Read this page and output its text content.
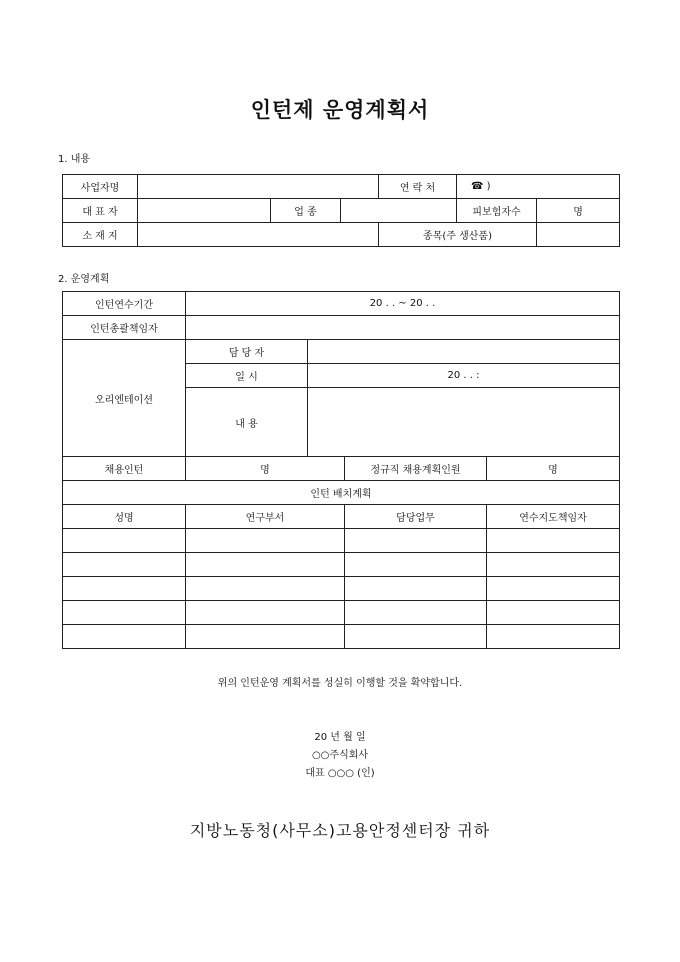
인턴제 운영계획서
1. 내용
사업자명				연 락 처	☎ )	
대 표 자		업 종			피보험자수	명
소 재 지				종목(주 생산품)		
2. 운영계획
인턴연수기간	20 . . ~ 20 . .			
인턴총괄책임자				
오리엔테이션	담 당 자			
	일 시	20 . . :		
	내 용			
채용인턴	명		정규직 채용계획인원	명
인턴 배치계획				
성명	연구부서		담당업무	연수지도책임자

위의 인턴운영 계획서를 성실히 이행할 것을 확약합니다.
20 년 월 일
○○주식회사
대표 ○○○ (인)
지방노동청(사무소)고용안정센터장 귀하
